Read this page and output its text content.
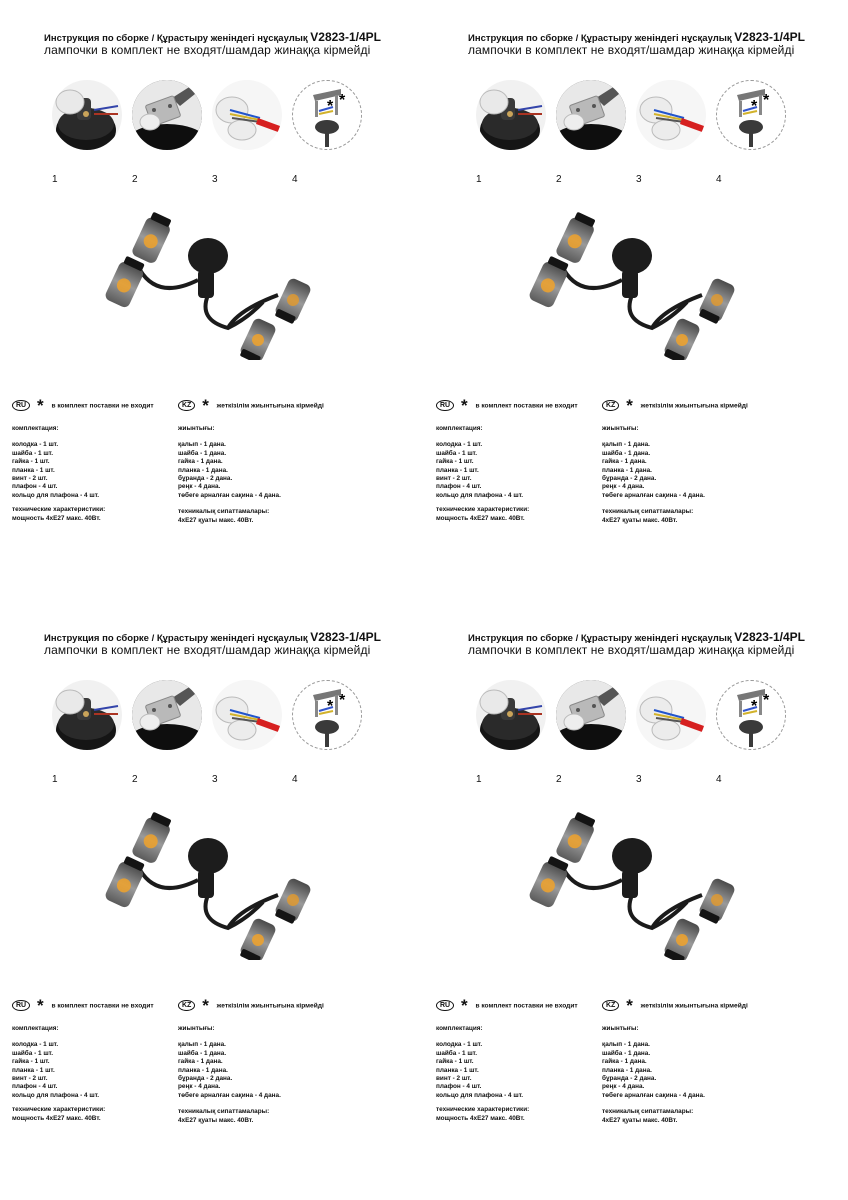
Инструкция по сборке / Құрастыру женіндегі нұсқаулық V2823-1/4PL
лампочки в комплект не входят/шамдар жинаққа кірмейді
* *
1	2	3	4
RU * в комплект поставки не входит	KZ * жеткізілім жиынтығына кірмейді
комплектация:
колодка - 1 шт.
шайба - 1 шт.
гайка - 1 шт.
планка - 1 шт.
винт - 2 шт.
плафон - 4 шт.
кольцо для плафона - 4 шт.
технические характеристики:
мощность 4хЕ27 макс. 40Вт.
жиынтығы:
қалып - 1 дана.
шайба - 1 дана.
гайка - 1 дана.
планка - 1 дана.
бұранда - 2 дана.
реңк - 4 дана.
төбеге арналған сақина - 4 дана.
техникалық сипаттамалары:
4хЕ27 қуаты макс. 40Вт.
Инструкция по сборке / Құрастыру женіндегі нұсқаулық V2823-1/4PL
лампочки в комплект не входят/шамдар жинаққа кірмейді
* *
1	2	3	4
RU * в комплект поставки не входит	KZ * жеткізілім жиынтығына кірмейді
комплектация:
колодка - 1 шт.
шайба - 1 шт.
гайка - 1 шт.
планка - 1 шт.
винт - 2 шт.
плафон - 4 шт.
кольцо для плафона - 4 шт.
технические характеристики:
мощность 4хЕ27 макс. 40Вт.
жиынтығы:
қалып - 1 дана.
шайба - 1 дана.
гайка - 1 дана.
планка - 1 дана.
бұранда - 2 дана.
реңк - 4 дана.
төбеге арналған сақина - 4 дана.
техникалық сипаттамалары:
4хЕ27 қуаты макс. 40Вт.
Инструкция по сборке / Құрастыру женіндегі нұсқаулық V2823-1/4PL
лампочки в комплект не входят/шамдар жинаққа кірмейді
* *
1	2	3	4
RU * в комплект поставки не входит	KZ * жеткізілім жиынтығына кірмейді
комплектация:
колодка - 1 шт.
шайба - 1 шт.
гайка - 1 шт.
планка - 1 шт.
винт - 2 шт.
плафон - 4 шт.
кольцо для плафона - 4 шт.
технические характеристики:
мощность 4хЕ27 макс. 40Вт.
жиынтығы:
қалып - 1 дана.
шайба - 1 дана.
гайка - 1 дана.
планка - 1 дана.
бұранда - 2 дана.
реңк - 4 дана.
төбеге арналған сақина - 4 дана.
техникалық сипаттамалары:
4хЕ27 қуаты макс. 40Вт.
Инструкция по сборке / Құрастыру женіндегі нұсқаулық V2823-1/4PL
лампочки в комплект не входят/шамдар жинаққа кірмейді
* *
1	2	3	4
RU * в комплект поставки не входит	KZ * жеткізілім жиынтығына кірмейді
комплектация:
колодка - 1 шт.
шайба - 1 шт.
гайка - 1 шт.
планка - 1 шт.
винт - 2 шт.
плафон - 4 шт.
кольцо для плафона - 4 шт.
технические характеристики:
мощность 4хЕ27 макс. 40Вт.
жиынтығы:
қалып - 1 дана.
шайба - 1 дана.
гайка - 1 дана.
планка - 1 дана.
бұранда - 2 дана.
реңк - 4 дана.
төбеге арналған сақина - 4 дана.
техникалық сипаттамалары:
4хЕ27 қуаты макс. 40Вт.
